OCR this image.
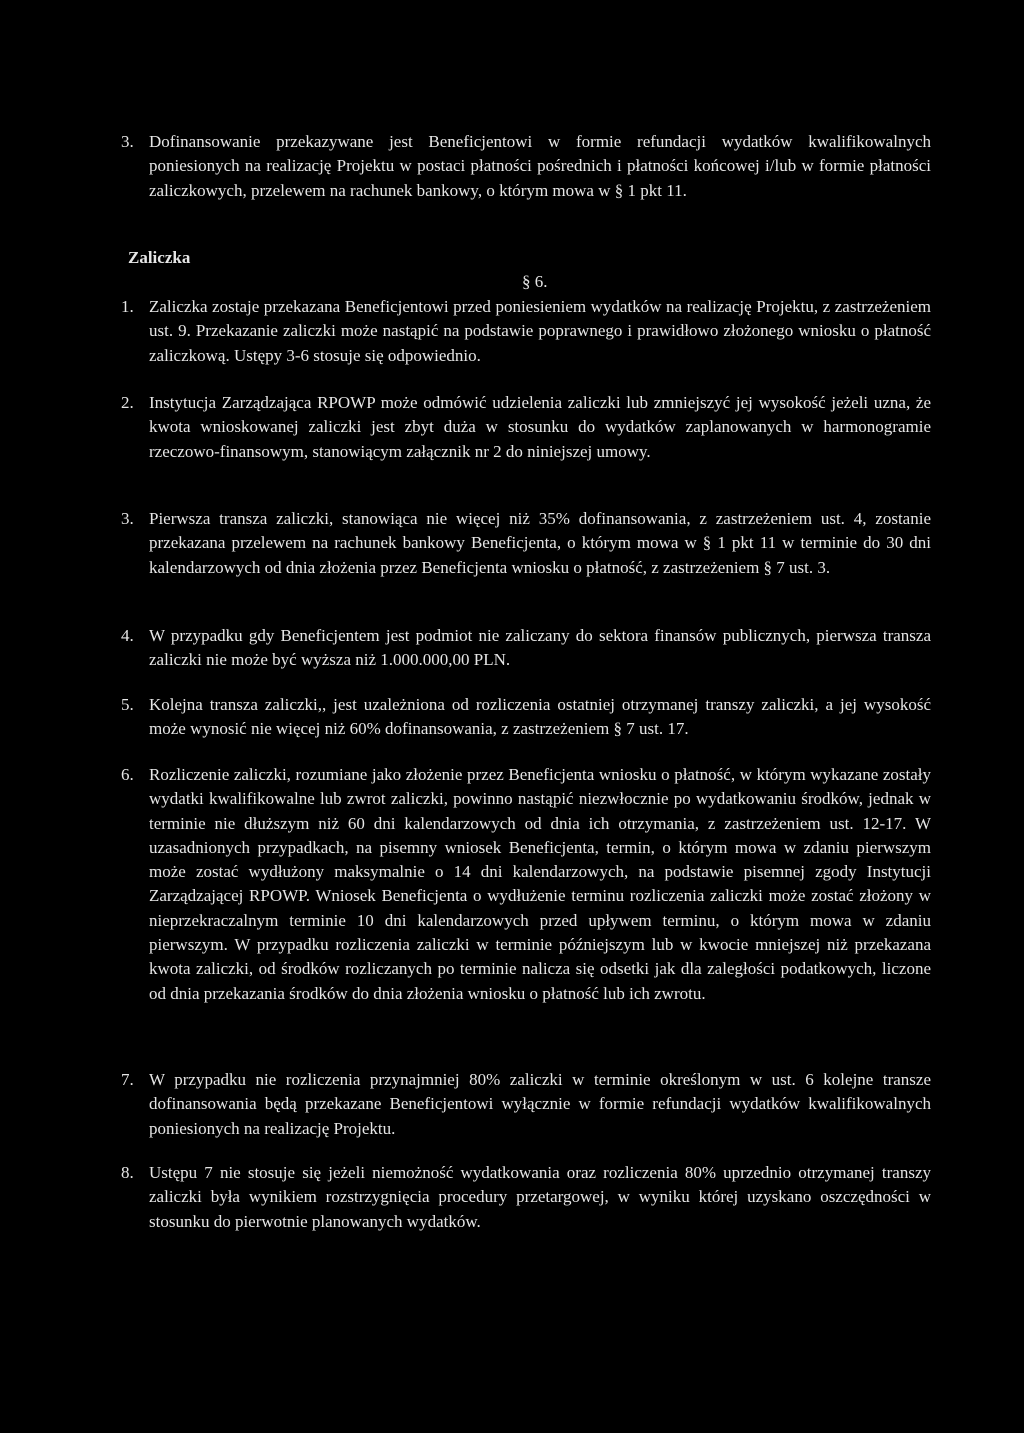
3. Dofinansowanie przekazywane jest Beneficjentowi w formie refundacji wydatków kwalifikowalnych poniesionych na realizację Projektu w postaci płatności pośrednich i płatności końcowej i/lub w formie płatności zaliczkowych, przelewem na rachunek bankowy, o którym mowa w § 1 pkt 11.

Zaliczka
§ 6.
1. Zaliczka zostaje przekazana Beneficjentowi przed poniesieniem wydatków na realizację Projektu, z zastrzeżeniem ust. 9. Przekazanie zaliczki może nastąpić na podstawie poprawnego i prawidłowo złożonego wniosku o płatność zaliczkową. Ustępy 3-6 stosuje się odpowiednio.

2. Instytucja Zarządzająca RPOWP może odmówić udzielenia zaliczki lub zmniejszyć jej wysokość jeżeli uzna, że kwota wnioskowanej zaliczki jest zbyt duża w stosunku do wydatków zaplanowanych w harmonogramie rzeczowo-finansowym, stanowiącym załącznik nr 2 do niniejszej umowy.

3. Pierwsza transza zaliczki, stanowiąca nie więcej niż 35% dofinansowania, z zastrzeżeniem ust. 4, zostanie przekazana przelewem na rachunek bankowy Beneficjenta, o którym mowa w § 1 pkt 11 w terminie do 30 dni kalendarzowych od dnia złożenia przez Beneficjenta wniosku o płatność, z zastrzeżeniem § 7 ust. 3.

4. W przypadku gdy Beneficjentem jest podmiot nie zaliczany do sektora finansów publicznych, pierwsza transza zaliczki nie może być wyższa niż 1.000.000,00 PLN.

5. Kolejna transza zaliczki,, jest uzależniona od rozliczenia ostatniej otrzymanej transzy zaliczki, a jej wysokość może wynosić nie więcej niż 60% dofinansowania, z zastrzeżeniem § 7 ust. 17.

6. Rozliczenie zaliczki, rozumiane jako złożenie przez Beneficjenta wniosku o płatność, w którym wykazane zostały wydatki kwalifikowalne lub zwrot zaliczki, powinno nastąpić niezwłocznie po wydatkowaniu środków, jednak w terminie nie dłuższym niż 60 dni kalendarzowych od dnia ich otrzymania, z zastrzeżeniem ust. 12-17. W uzasadnionych przypadkach, na pisemny wniosek Beneficjenta, termin, o którym mowa w zdaniu pierwszym może zostać wydłużony maksymalnie o 14 dni kalendarzowych, na podstawie pisemnej zgody Instytucji Zarządzającej RPOWP. Wniosek Beneficjenta o wydłużenie terminu rozliczenia zaliczki może zostać złożony w nieprzekraczalnym terminie 10 dni kalendarzowych przed upływem terminu, o którym mowa w zdaniu pierwszym. W przypadku rozliczenia zaliczki w terminie późniejszym lub w kwocie mniejszej niż przekazana kwota zaliczki, od środków rozliczanych po terminie nalicza się odsetki jak dla zaległości podatkowych, liczone od dnia przekazania środków do dnia złożenia wniosku o płatność lub ich zwrotu.

7. W przypadku nie rozliczenia przynajmniej 80% zaliczki w terminie określonym w ust. 6 kolejne transze dofinansowania będą przekazane Beneficjentowi wyłącznie w formie refundacji wydatków kwalifikowalnych poniesionych na realizację Projektu.

8. Ustępu 7 nie stosuje się jeżeli niemożność wydatkowania oraz rozliczenia 80% uprzednio otrzymanej transzy zaliczki była wynikiem rozstrzygnięcia procedury przetargowej, w wyniku której uzyskano oszczędności w stosunku do pierwotnie planowanych wydatków.
